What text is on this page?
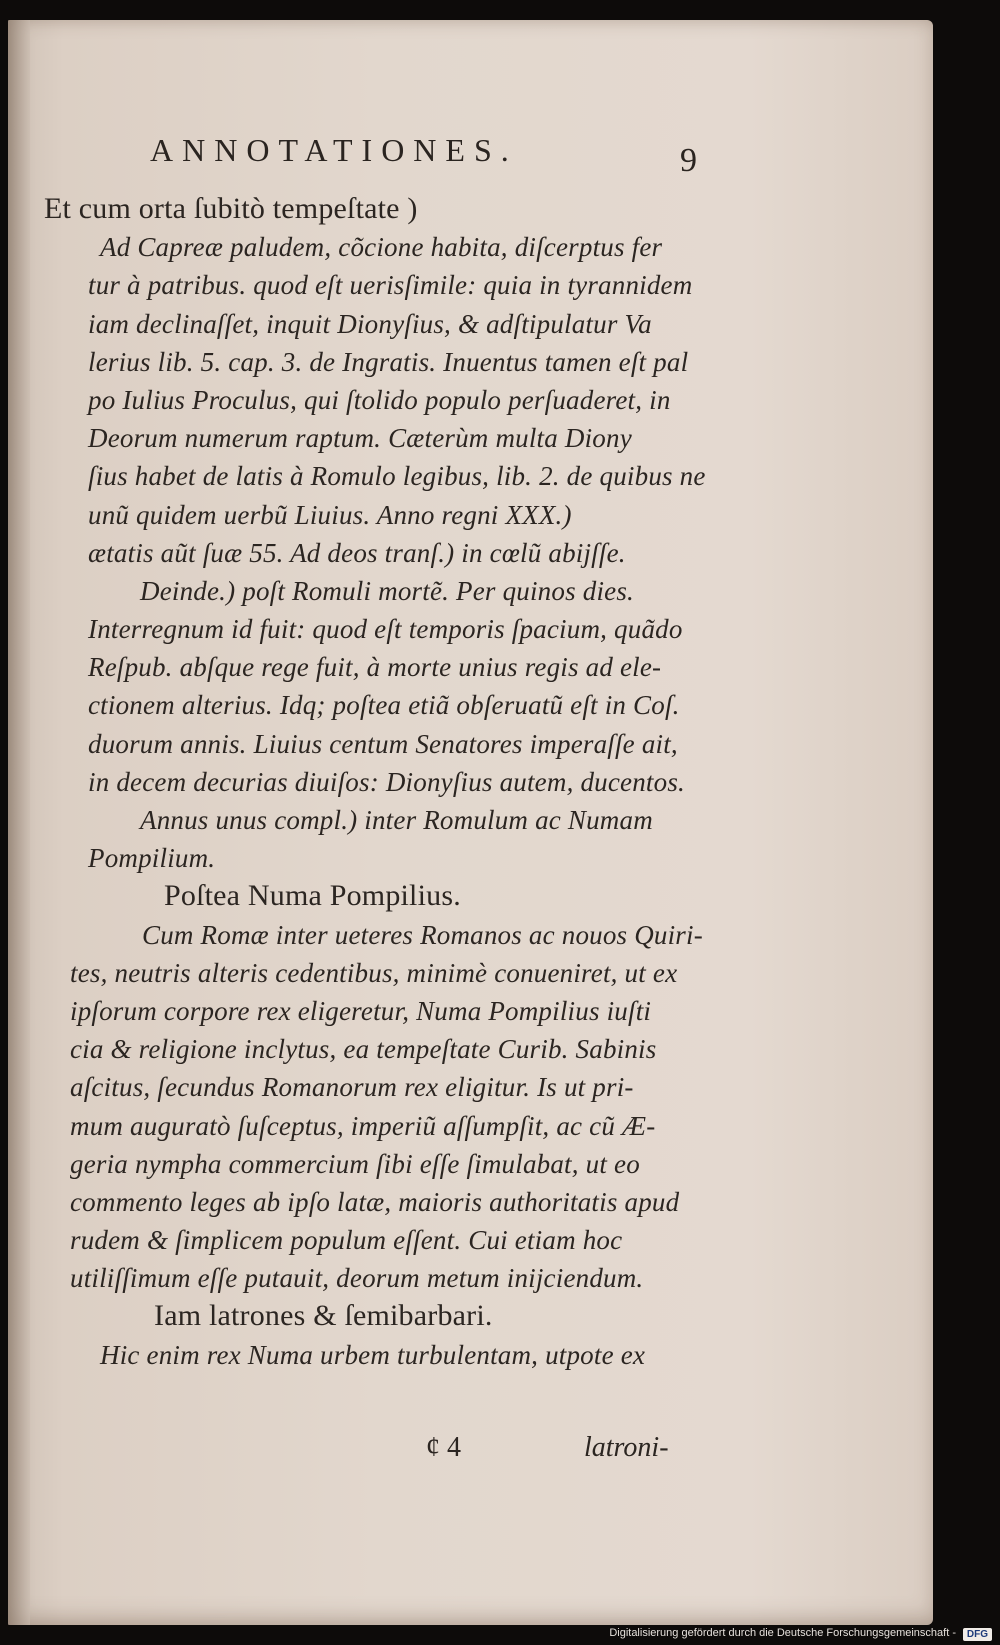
ANNOTATIONES.	9
Et cum orta ſubitò tempeſtate )
Ad Capreæ paludem, cõcione habita, diſcerptus fer
tur à patribus. quod eſt uerisſimile: quia in tyrannidem
iam declinaſſet, inquit Dionyſius, & adſtipulatur Va
lerius lib. 5. cap. 3. de Ingratis. Inuentus tamen eſt pal
po Iulius Proculus, qui ſtolido populo perſuaderet, in
Deorum numerum raptum. Cæterùm multa Diony
ſius habet de latis à Romulo legibus, lib. 2. de quibus ne
unũ quidem uerbũ Liuius. Anno regni XXX.)
ætatis aũt ſuæ 55. Ad deos tranſ.) in cœlũ abijſſe.
Deinde.) poſt Romuli mortẽ. Per quinos dies.
Interregnum id fuit: quod eſt temporis ſpacium, quãdo
Reſpub. abſque rege fuit, à morte unius regis ad ele-
ctionem alterius. Idq; poſtea etiã obſeruatũ eſt in Coſ.
duorum annis. Liuius centum Senatores imperaſſe ait,
in decem decurias diuiſos: Dionyſius autem, ducentos.
Annus unus compl.) inter Romulum ac Numam
Pompilium.
Poſtea Numa Pompilius.
Cum Romæ inter ueteres Romanos ac nouos Quiri-
tes, neutris alteris cedentibus, minimè conueniret, ut ex
ipſorum corpore rex eligeretur, Numa Pompilius iuſti
cia & religione inclytus, ea tempeſtate Curib. Sabinis
aſcitus, ſecundus Romanorum rex eligitur. Is ut pri-
mum auguratò ſuſceptus, imperiũ aſſumpſit, ac cũ Æ-
geria nympha commercium ſibi eſſe ſimulabat, ut eo
commento leges ab ipſo latæ, maioris authoritatis apud
rudem & ſimplicem populum eſſent. Cui etiam hoc
utiliſſimum eſſe putauit, deorum metum inijciendum.
Iam latrones & ſemibarbari.
Hic enim rex Numa urbem turbulentam, utpote ex
¢ 4	latroni-
Digitalisierung gefördert durch die Deutsche Forschungsgemeinschaft -	DFG
